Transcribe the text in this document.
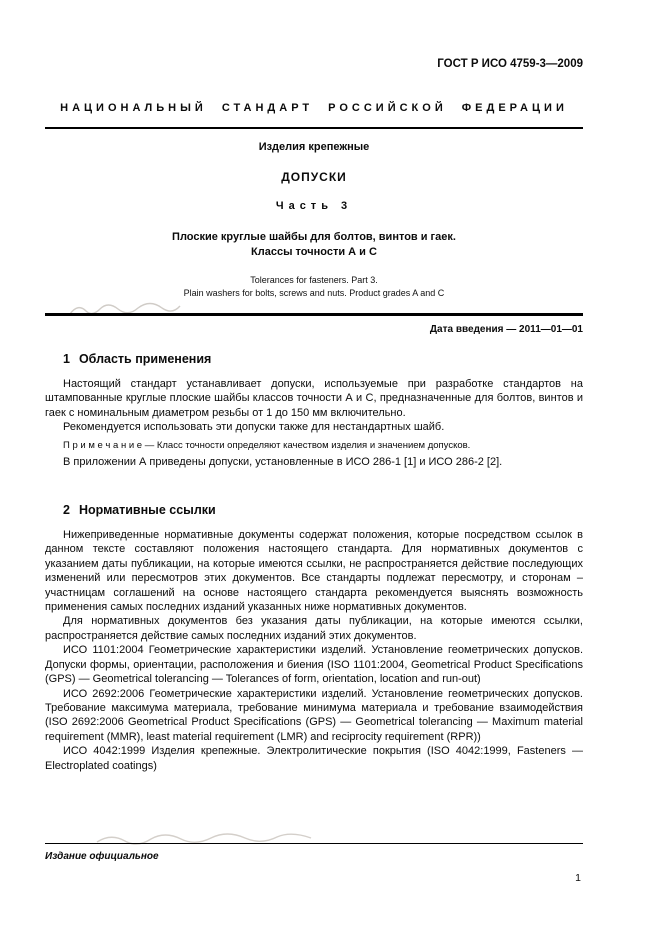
ГОСТ Р ИСО 4759-3—2009
НАЦИОНАЛЬНЫЙ СТАНДАРТ РОССИЙСКОЙ ФЕДЕРАЦИИ
Изделия крепежные
ДОПУСКИ
Часть 3
Плоские круглые шайбы для болтов, винтов и гаек.
Классы точности А и С
Tolerances for fasteners. Part 3.
Plain washers for bolts, screws and nuts. Product grades A and C
Дата введения — 2011—01—01
1 Область применения

Настоящий стандарт устанавливает допуски, используемые при разработке стандартов на штампованные круглые плоские шайбы классов точности А и С, предназначенные для болтов, винтов и гаек с номинальным диаметром резьбы от 1 до 150 мм включительно.

Рекомендуется использовать эти допуски также для нестандартных шайб.

П р и м е ч а н и е — Класс точности определяют качеством изделия и значением допусков.

В приложении А приведены допуски, установленные в ИСО 286-1 [1] и ИСО 286-2 [2].

2 Нормативные ссылки

Нижеприведенные нормативные документы содержат положения, которые посредством ссылок в данном тексте составляют положения настоящего стандарта. Для нормативных документов с указанием даты публикации, на которые имеются ссылки, не распространяется действие последующих изменений или пересмотров этих документов. Все стандарты подлежат пересмотру, и сторонам – участницам соглашений на основе настоящего стандарта рекомендуется выяснять возможность применения самых последних изданий указанных ниже нормативных документов.

Для нормативных документов без указания даты публикации, на которые имеются ссылки, распространяется действие самых последних изданий этих документов.

ИСО 1101:2004 Геометрические характеристики изделий. Установление геометрических допусков. Допуски формы, ориентации, расположения и биения (ISO 1101:2004, Geometrical Product Specifications (GPS) — Geometrical tolerancing — Tolerances of form, orientation, location and run-out)

ИСО 2692:2006 Геометрические характеристики изделий. Установление геометрических допусков. Требование максимума материала, требование минимума материала и требование взаимодействия (ISO 2692:2006 Geometrical Product Specifications (GPS) — Geometrical tolerancing — Maximum material requirement (MMR), least material requirement (LMR) and reciprocity requirement (RPR))

ИСО 4042:1999 Изделия крепежные. Электролитические покрытия (ISO 4042:1999, Fasteners — Electroplated coatings)

Издание официальное
1
